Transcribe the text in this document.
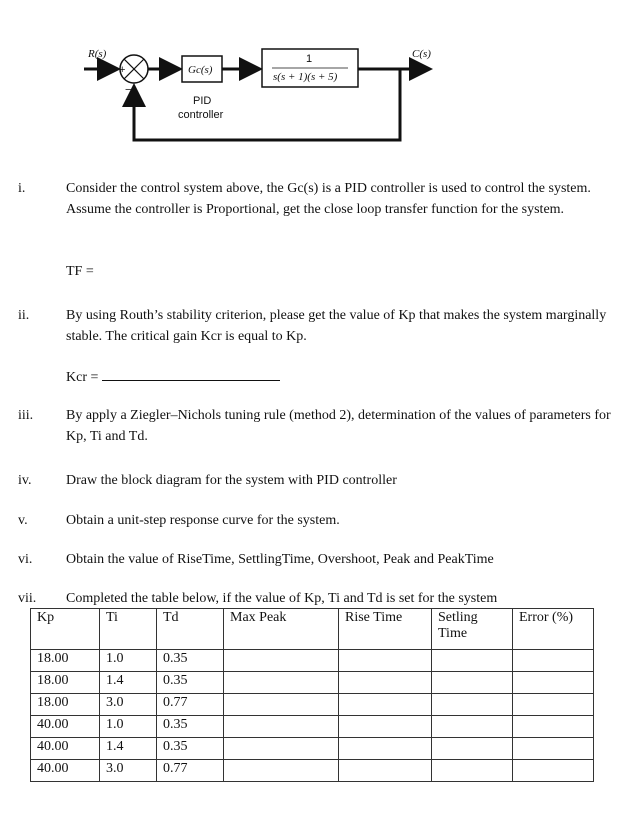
R(s)
+
−
Gc(s)
1
s(s + 1)(s + 5)
C(s)
PID
controller
i.	Consider the control system above, the Gc(s) is a PID controller is used to control the system. Assume the controller is Proportional, get the close loop transfer function for the system.
TF =
ii.	By using Routh’s stability criterion, please get the value of Kp that makes the system marginally stable. The critical gain Kcr is equal to Kp.
Kcr =
iii. By apply a Ziegler–Nichols tuning rule (method 2), determination of the values of parameters for Kp, Ti and Td.
iv. Draw the block diagram for the system with PID controller
v.	Obtain a unit-step response curve for the system.
vi. Obtain the value of RiseTime, SettlingTime, Overshoot, Peak and PeakTime
vii. Completed the table below, if the value of Kp, Ti and Td is set for the system
Kp	Ti	Td	Max Peak	Rise Time	Setling Time	Error (%)
18.00	1.0	0.35				
18.00	1.4	0.35				
18.00	3.0	0.77				
40.00	1.0	0.35				
40.00	1.4	0.35				
40.00	3.0	0.77				
